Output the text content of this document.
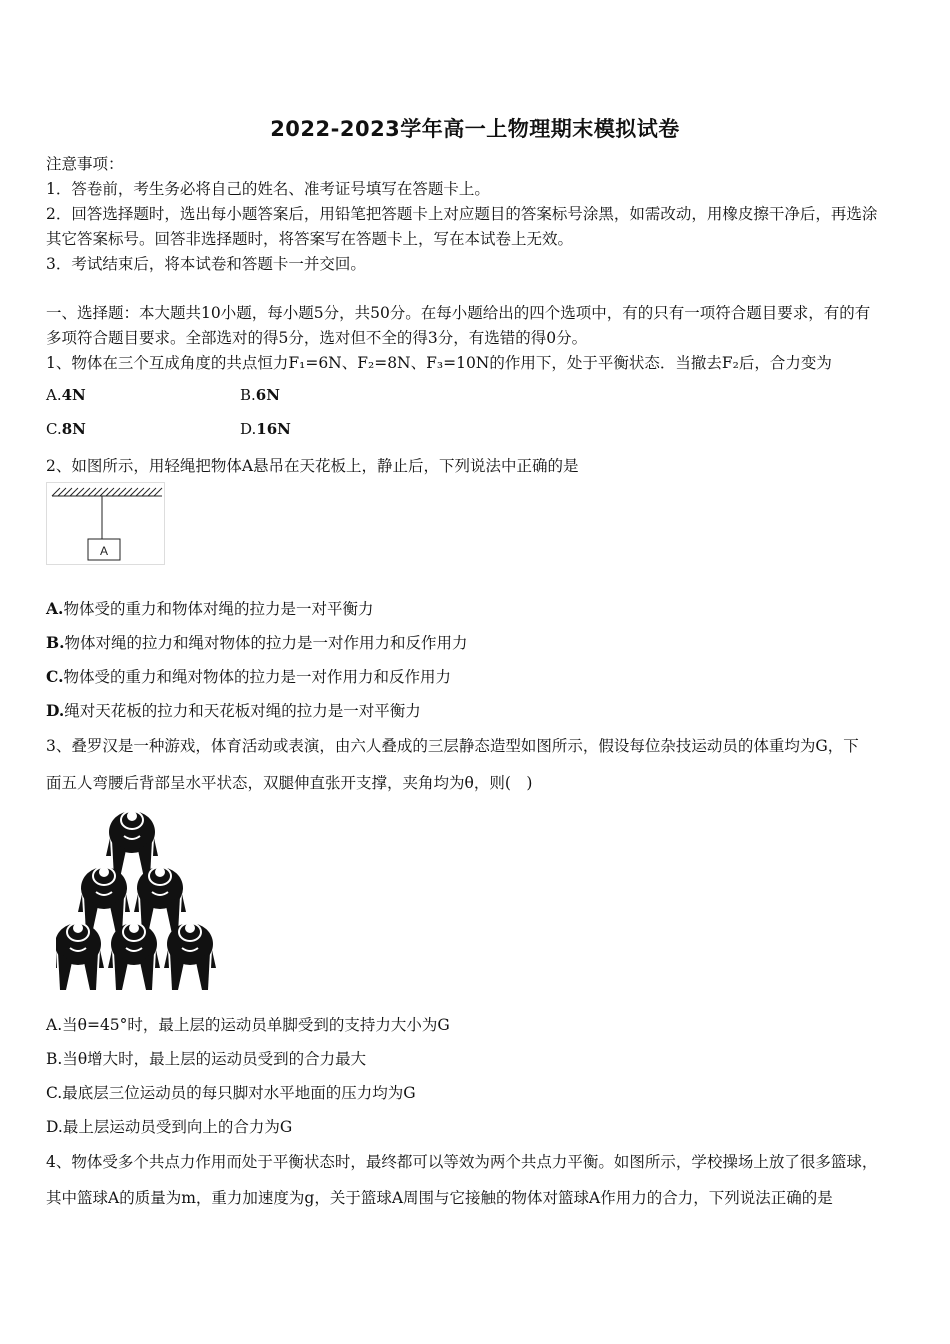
2022-2023学年高一上物理期末模拟试卷
注意事项：
1．答卷前，考生务必将自己的姓名、准考证号填写在答题卡上。
2．回答选择题时，选出每小题答案后，用铅笔把答题卡上对应题目的答案标号涂黑，如需改动，用橡皮擦干净后，再选涂
其它答案标号。回答非选择题时，将答案写在答题卡上，写在本试卷上无效。
3．考试结束后，将本试卷和答题卡一并交回。
一、选择题：本大题共10小题，每小题5分，共50分。在每小题给出的四个选项中，有的只有一项符合题目要求，有的有
多项符合题目要求。全部选对的得5分，选对但不全的得3分，有选错的得0分。
1、物体在三个互成角度的共点恒力F₁=6N、F₂=8N、F₃=10N的作用下，处于平衡状态．当撤去F₂后，合力变为
A.4N	B.6N
C.8N	D.16N
2、如图所示，用轻绳把物体A悬吊在天花板上，静止后，下列说法中正确的是
A
A.物体受的重力和物体对绳的拉力是一对平衡力
B.物体对绳的拉力和绳对物体的拉力是一对作用力和反作用力
C.物体受的重力和绳对物体的拉力是一对作用力和反作用力
D.绳对天花板的拉力和天花板对绳的拉力是一对平衡力
3、叠罗汉是一种游戏，体育活动或表演，由六人叠成的三层静态造型如图所示，假设每位杂技运动员的体重均为G，下
面五人弯腰后背部呈水平状态，双腿伸直张开支撑，夹角均为θ，则(　)
A.当θ=45°时，最上层的运动员单脚受到的支持力大小为G
B.当θ增大时，最上层的运动员受到的合力最大
C.最底层三位运动员的每只脚对水平地面的压力均为G
D.最上层运动员受到向上的合力为G
4、物体受多个共点力作用而处于平衡状态时，最终都可以等效为两个共点力平衡。如图所示，学校操场上放了很多篮球，
其中篮球A的质量为m，重力加速度为g，关于篮球A周围与它接触的物体对篮球A作用力的合力，下列说法正确的是
